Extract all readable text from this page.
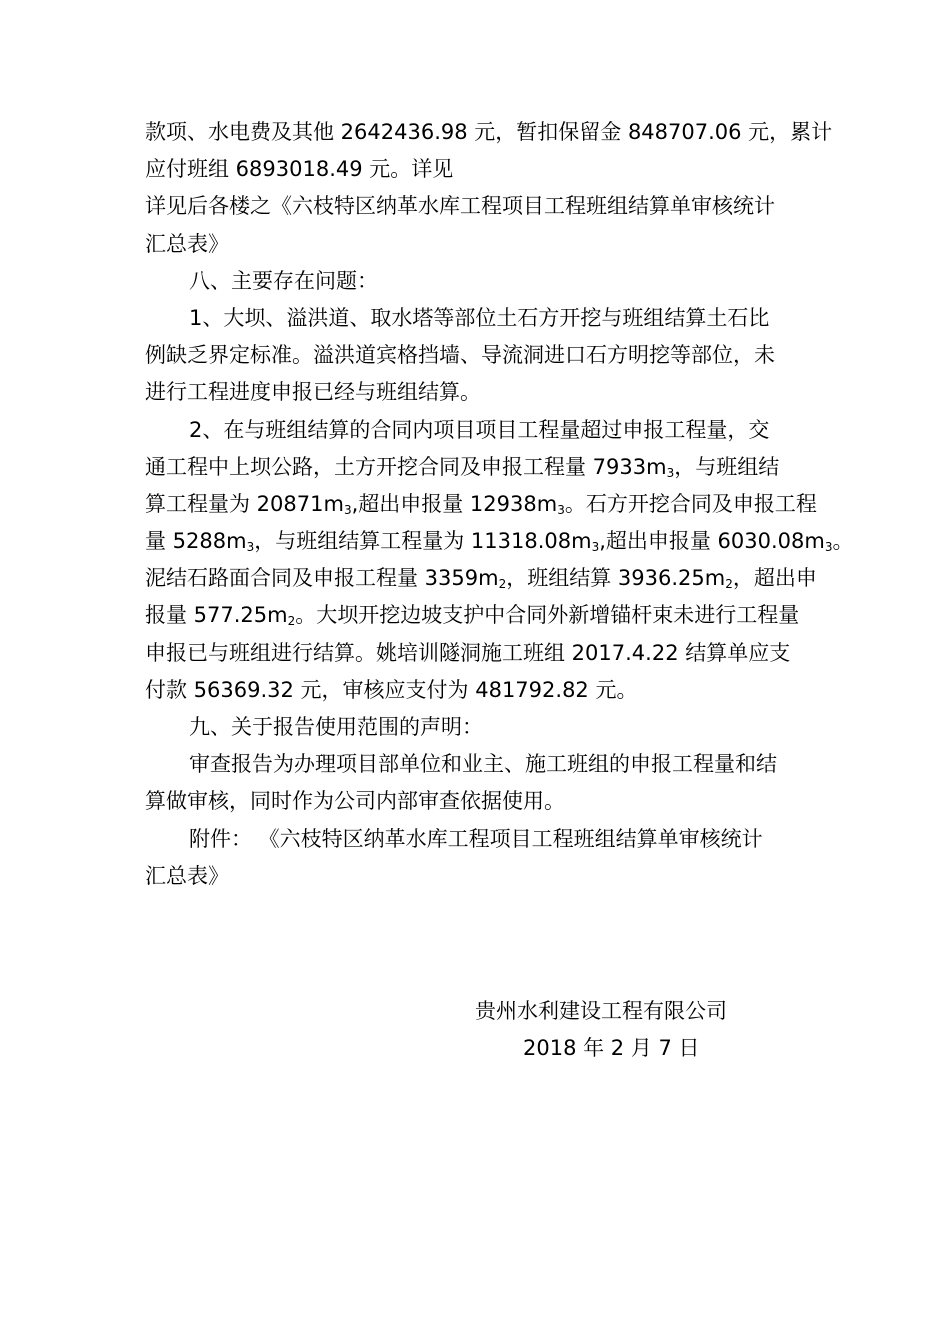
款项、水电费及其他 2642436.98 元，暂扣保留金 848707.06 元，累计
应付班组 6893018.49 元。详见
详见后各楼之《六枝特区纳革水库工程项目工程班组结算单审核统计
汇总表》
八、主要存在问题：
1、大坝、溢洪道、取水塔等部位土石方开挖与班组结算土石比
例缺乏界定标准。溢洪道宾格挡墙、导流洞进口石方明挖等部位，未
进行工程进度申报已经与班组结算。
2、在与班组结算的合同内项目项目工程量超过申报工程量，交
通工程中上坝公路，土方开挖合同及申报工程量 $7933m_3$，与班组结
算工程量为 $20871m_3$,超出申报量 $12938m_3$。石方开挖合同及申报工程
量 $5288m_3$，与班组结算工程量为 $11318.08m_3$,超出申报量 $6030.08m_3$。
泥结石路面合同及申报工程量 $3359m_2$，班组结算 $3936.25m_2$，超出申
报量 $577.25m_2$。大坝开挖边坡支护中合同外新增锚杆束未进行工程量
申报已与班组进行结算。姚培训隧洞施工班组 2017.4.22 结算单应支
付款 56369.32 元，审核应支付为 481792.82 元。
九、关于报告使用范围的声明：
审查报告为办理项目部单位和业主、施工班组的申报工程量和结
算做审核，同时作为公司内部审查依据使用。
附件： 《六枝特区纳革水库工程项目工程班组结算单审核统计
汇总表》
贵州水利建设工程有限公司
2018 年 2 月 7 日
